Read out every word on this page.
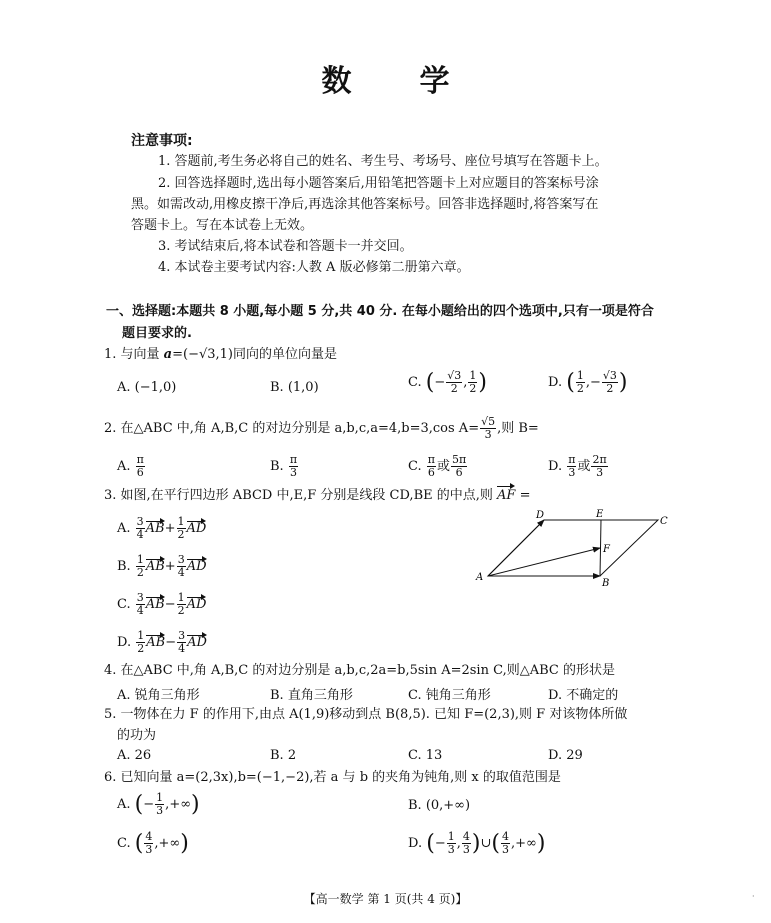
数学
注意事项:
1. 答题前,考生务必将自己的姓名、考生号、考场号、座位号填写在答题卡上。
2. 回答选择题时,选出每小题答案后,用铅笔把答题卡上对应题目的答案标号涂
黑。如需改动,用橡皮擦干净后,再选涂其他答案标号。回答非选择题时,将答案写在
答题卡上。写在本试卷上无效。
3. 考试结束后,将本试卷和答题卡一并交回。
4. 本试卷主要考试内容:人教 A 版必修第二册第六章。
一、选择题:本题共 8 小题,每小题 5 分,共 40 分. 在每小题给出的四个选项中,只有一项是符合
题目要求的.
1. 与向量 a=(−√3,1)同向的单位向量是
A. (−1,0)	B. (1,0)	C. (− $\frac{√3}{2}$ , $\frac{1}{2}$ )	D. ( $\frac{1}{2}$ ,− $\frac{√3}{2}$ )
2. 在△ABC 中,角 A,B,C 的对边分别是 a,b,c,a=4,b=3,cos $A= \frac{√5}{3}$ ,则 B=
A. $\frac{\pi}{6}$	B. $\frac{\pi}{3}$	C. $\frac{\pi}{6}$ 或 $\frac{5\pi}{6}$	D. $\frac{\pi}{3}$ 或 $\frac{2\pi}{3}$
3. 如图,在平行四边形 ABCD 中,E,F 分别是线段 CD,BE 的中点,则 AF =
A. $\frac{3}{4} AB+ \frac{1}{2}$ AD
B. $\frac{1}{2} AB+ \frac{3}{4}$ AD
C. $\frac{3}{4} AB- \frac{1}{2}$ AD
D. $\frac{1}{2} AB- \frac{3}{4}$ AD
A
B
C
D	E
F
4. 在△ABC 中,角 A,B,C 的对边分别是 a,b,c,2a=b,5sin A=2sin C,则△ABC 的形状是
A. 锐角三角形	B. 直角三角形	C. 钝角三角形	D. 不确定的
5. 一物体在力 F 的作用下,由点 A(1,9)移动到点 B(8,5). 已知 F=(2,3),则 F 对该物体所做
的功为
A. 26	B. 2	C. 13	D. 29
6. 已知向量 a=(2,3x),b=(−1,−2),若 a 与 b 的夹角为钝角,则 x 的取值范围是
A. (− $\frac{1}{3}$ ,+∞)	B. (0,+∞)
C. ( $\frac{4}{3}$ ,+∞)	D. (− $\frac{1}{3}$ , $\frac{4}{3}$ )∪( $\frac{4}{3}$ ,+∞)
【高一数学 第 1 页(共 4 页)】	·
